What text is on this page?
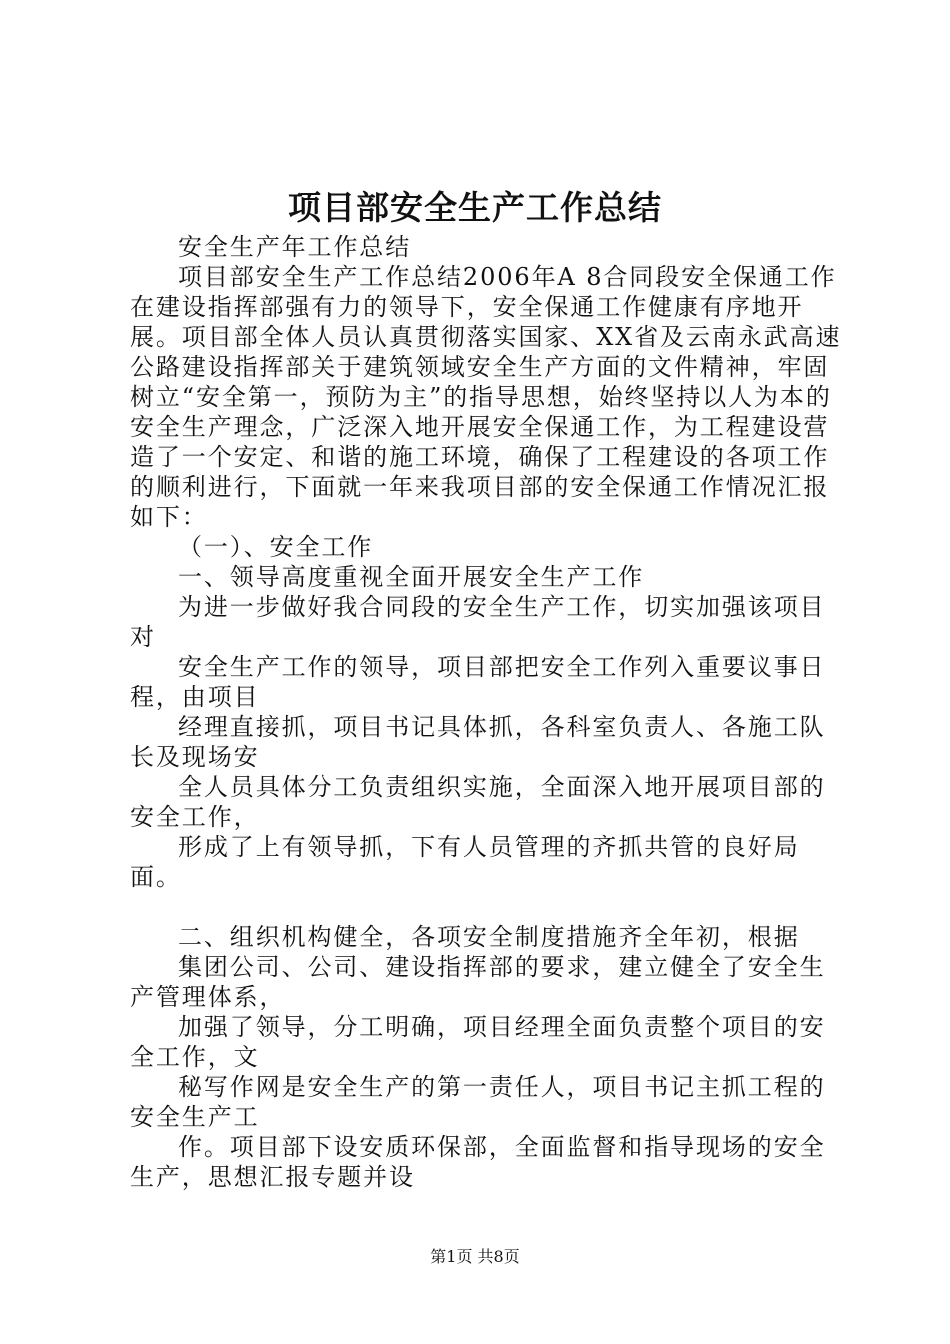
项目部安全生产工作总结

安全生产年工作总结

项目部安全生产工作总结2006年A 8合同段安全保通工作在建设指挥部强有力的领导下，安全保通工作健康有序地开展。项目部全体人员认真贯彻落实国家、XX省及云南永武高速公路建设指挥部关于建筑领域安全生产方面的文件精神，牢固树立“安全第一，预防为主”的指导思想，始终坚持以人为本的安全生产理念，广泛深入地开展安全保通工作，为工程建设营造了一个安定、和谐的施工环境，确保了工程建设的各项工作的顺利进行，下面就一年来我项目部的安全保通工作情况汇报如下：

（一）、安全工作

一、领导高度重视全面开展安全生产工作

为进一步做好我合同段的安全生产工作，切实加强该项目对

安全生产工作的领导，项目部把安全工作列入重要议事日程，由项目

经理直接抓，项目书记具体抓，各科室负责人、各施工队长及现场安

全人员具体分工负责组织实施，全面深入地开展项目部的安全工作，

形成了上有领导抓，下有人员管理的齐抓共管的良好局面。

二、组织机构健全，各项安全制度措施齐全年初，根据

集团公司、公司、建设指挥部的要求，建立健全了安全生产管理体系，

加强了领导，分工明确，项目经理全面负责整个项目的安全工作，文

秘写作网是安全生产的第一责任人，项目书记主抓工程的安全生产工

作。项目部下设安质环保部，全面监督和指导现场的安全生产，思想汇报专题并设

第1页 共8页
